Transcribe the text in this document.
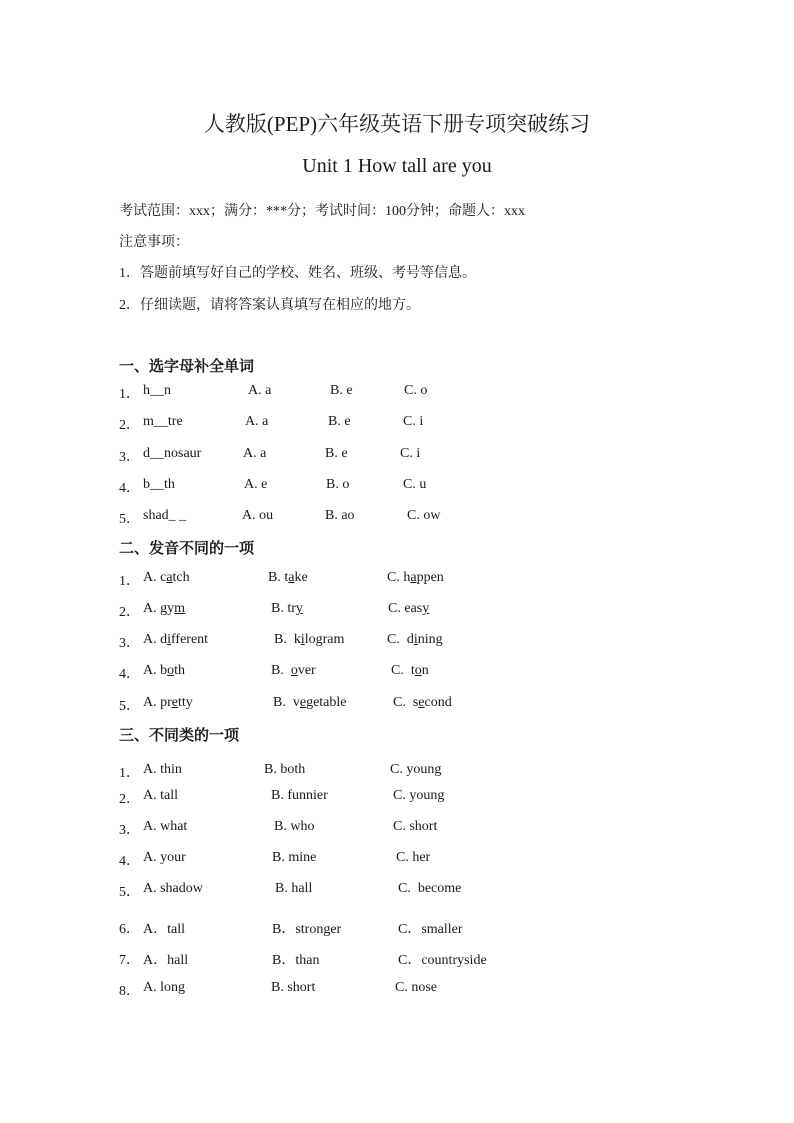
人教版(PEP)六年级英语下册专项突破练习
Unit 1 How tall are you
考试范围：xxx；满分：***分；考试时间：100分钟；命题人：xxx
注意事项：
1．答题前填写好自己的学校、姓名、班级、考号等信息。
2．仔细读题，请将答案认真填写在相应的地方。
一、选字母补全单词
1． h__n	A. a	B. e	C. o
2． m__tre	A. a	B. e	C. i
3． d__nosaur	A. a	B. e	C. i
4． b__th	A. e	B. o	C. u
5． shad_ _	A. ou	B. ao	C. ow
二、发音不同的一项
1． A. catch	B. take	C. happen
2． A. gym	B. try	C. easy
3． A. different	B.  kilogram	C.  dining
4． A. both	B.  over	C.  ton
5． A. pretty	B.  vegetable	C.  second
三、不同类的一项
1． A. thin	B. both	C. young
2． A. tall	B. funnier	C. young
3． A. what	B. who	C. short
4． A. your	B. mine	C. her
5． A. shadow	B. hall	C.  become
6． A．tall	B．stronger	C．smaller
7． A．hall	B．than	C．countryside
8． A. long	B. short	C. nose
